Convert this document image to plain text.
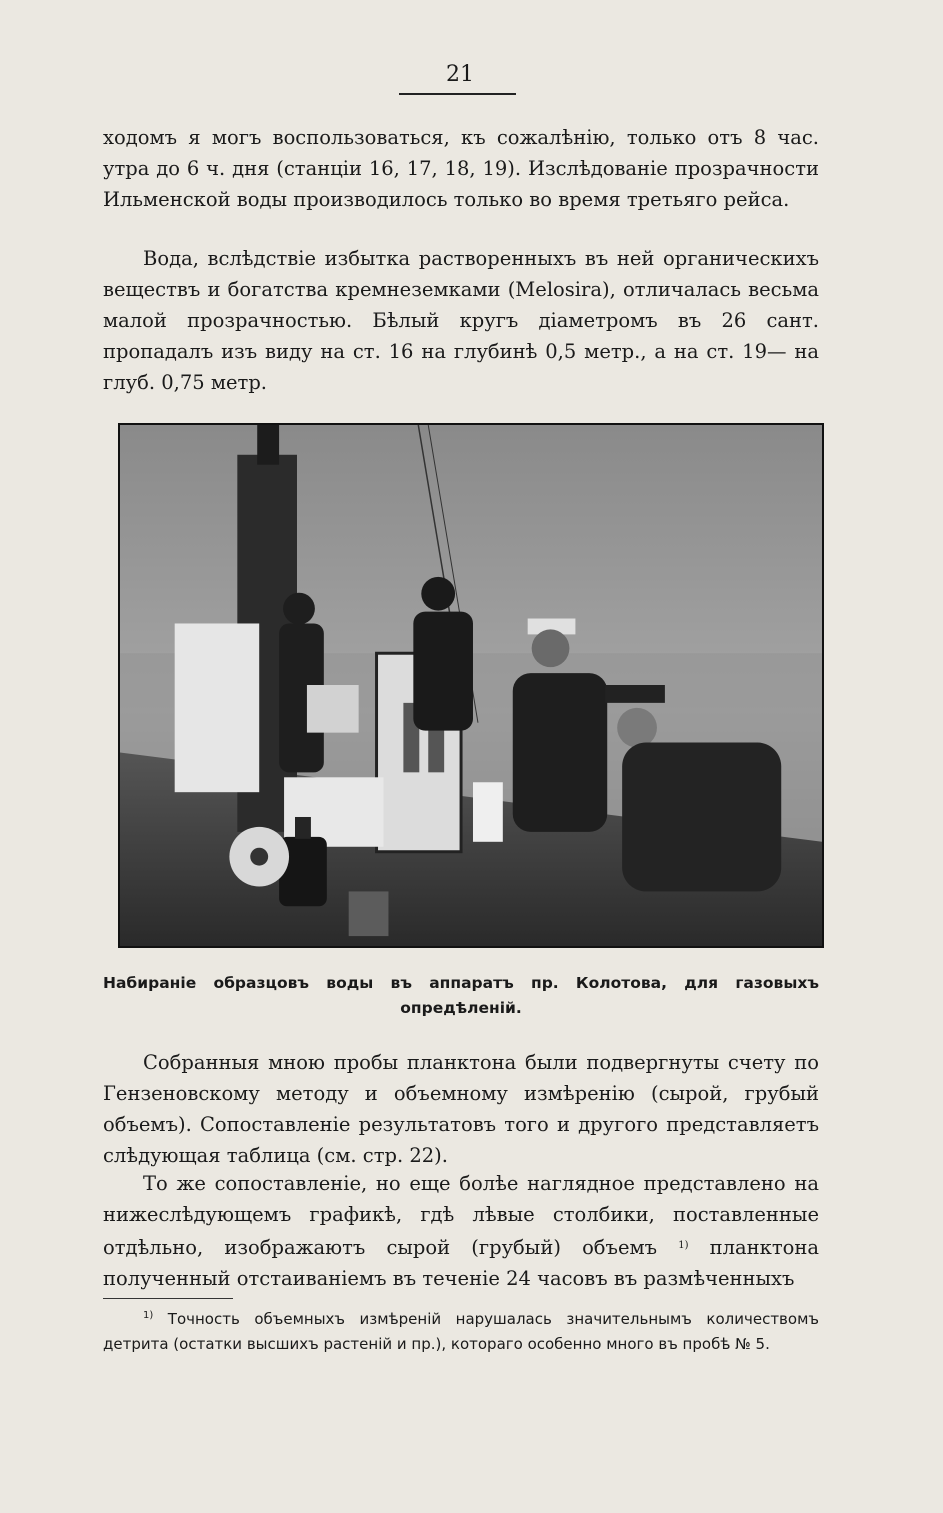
21

ходомъ я могъ воспользоваться, къ сожалѣнію, только отъ 8 час. утра до 6 ч. дня (станціи 16, 17, 18, 19). Изслѣдованіе прозрачности Ильменской воды производилось только во время третьяго рейса.

Вода, вслѣдствіе избытка растворенныхъ въ ней органическихъ веществъ и богатства кремнеземками (Melosira), отличалась весьма малой прозрачностью. Бѣлый кругъ діаметромъ въ 26 сант. пропадалъ изъ виду на ст. 16 на глубинѣ 0,5 метр., а на ст. 19— на глуб. 0,75 метр.

Набираніе образцовъ воды въ аппаратъ пр. Колотова, для газовыхъ опредѣленій.

Собранныя мною пробы планктона были подвергнуты счету по Гензеновскому методу и объемному измѣренію (сырой, грубый объемъ). Сопоставленіе результатовъ того и другого представляетъ слѣдующая таблица (см. стр. 22).

То же сопоставленіе, но еще болѣе наглядное представлено на нижеслѣдующемъ графикѣ, гдѣ лѣвые столбики, поставленные отдѣльно, изображаютъ сырой (грубый) объемъ $^{1)}$ планктона полученный отстаиваніемъ въ теченіе 24 часовъ въ размѣченныхъ

$^{1)}$ Точность объемныхъ измѣреній нарушалась значительнымъ количествомъ детрита (остатки высшихъ растеній и пр.), котораго особенно много въ пробѣ № 5.
